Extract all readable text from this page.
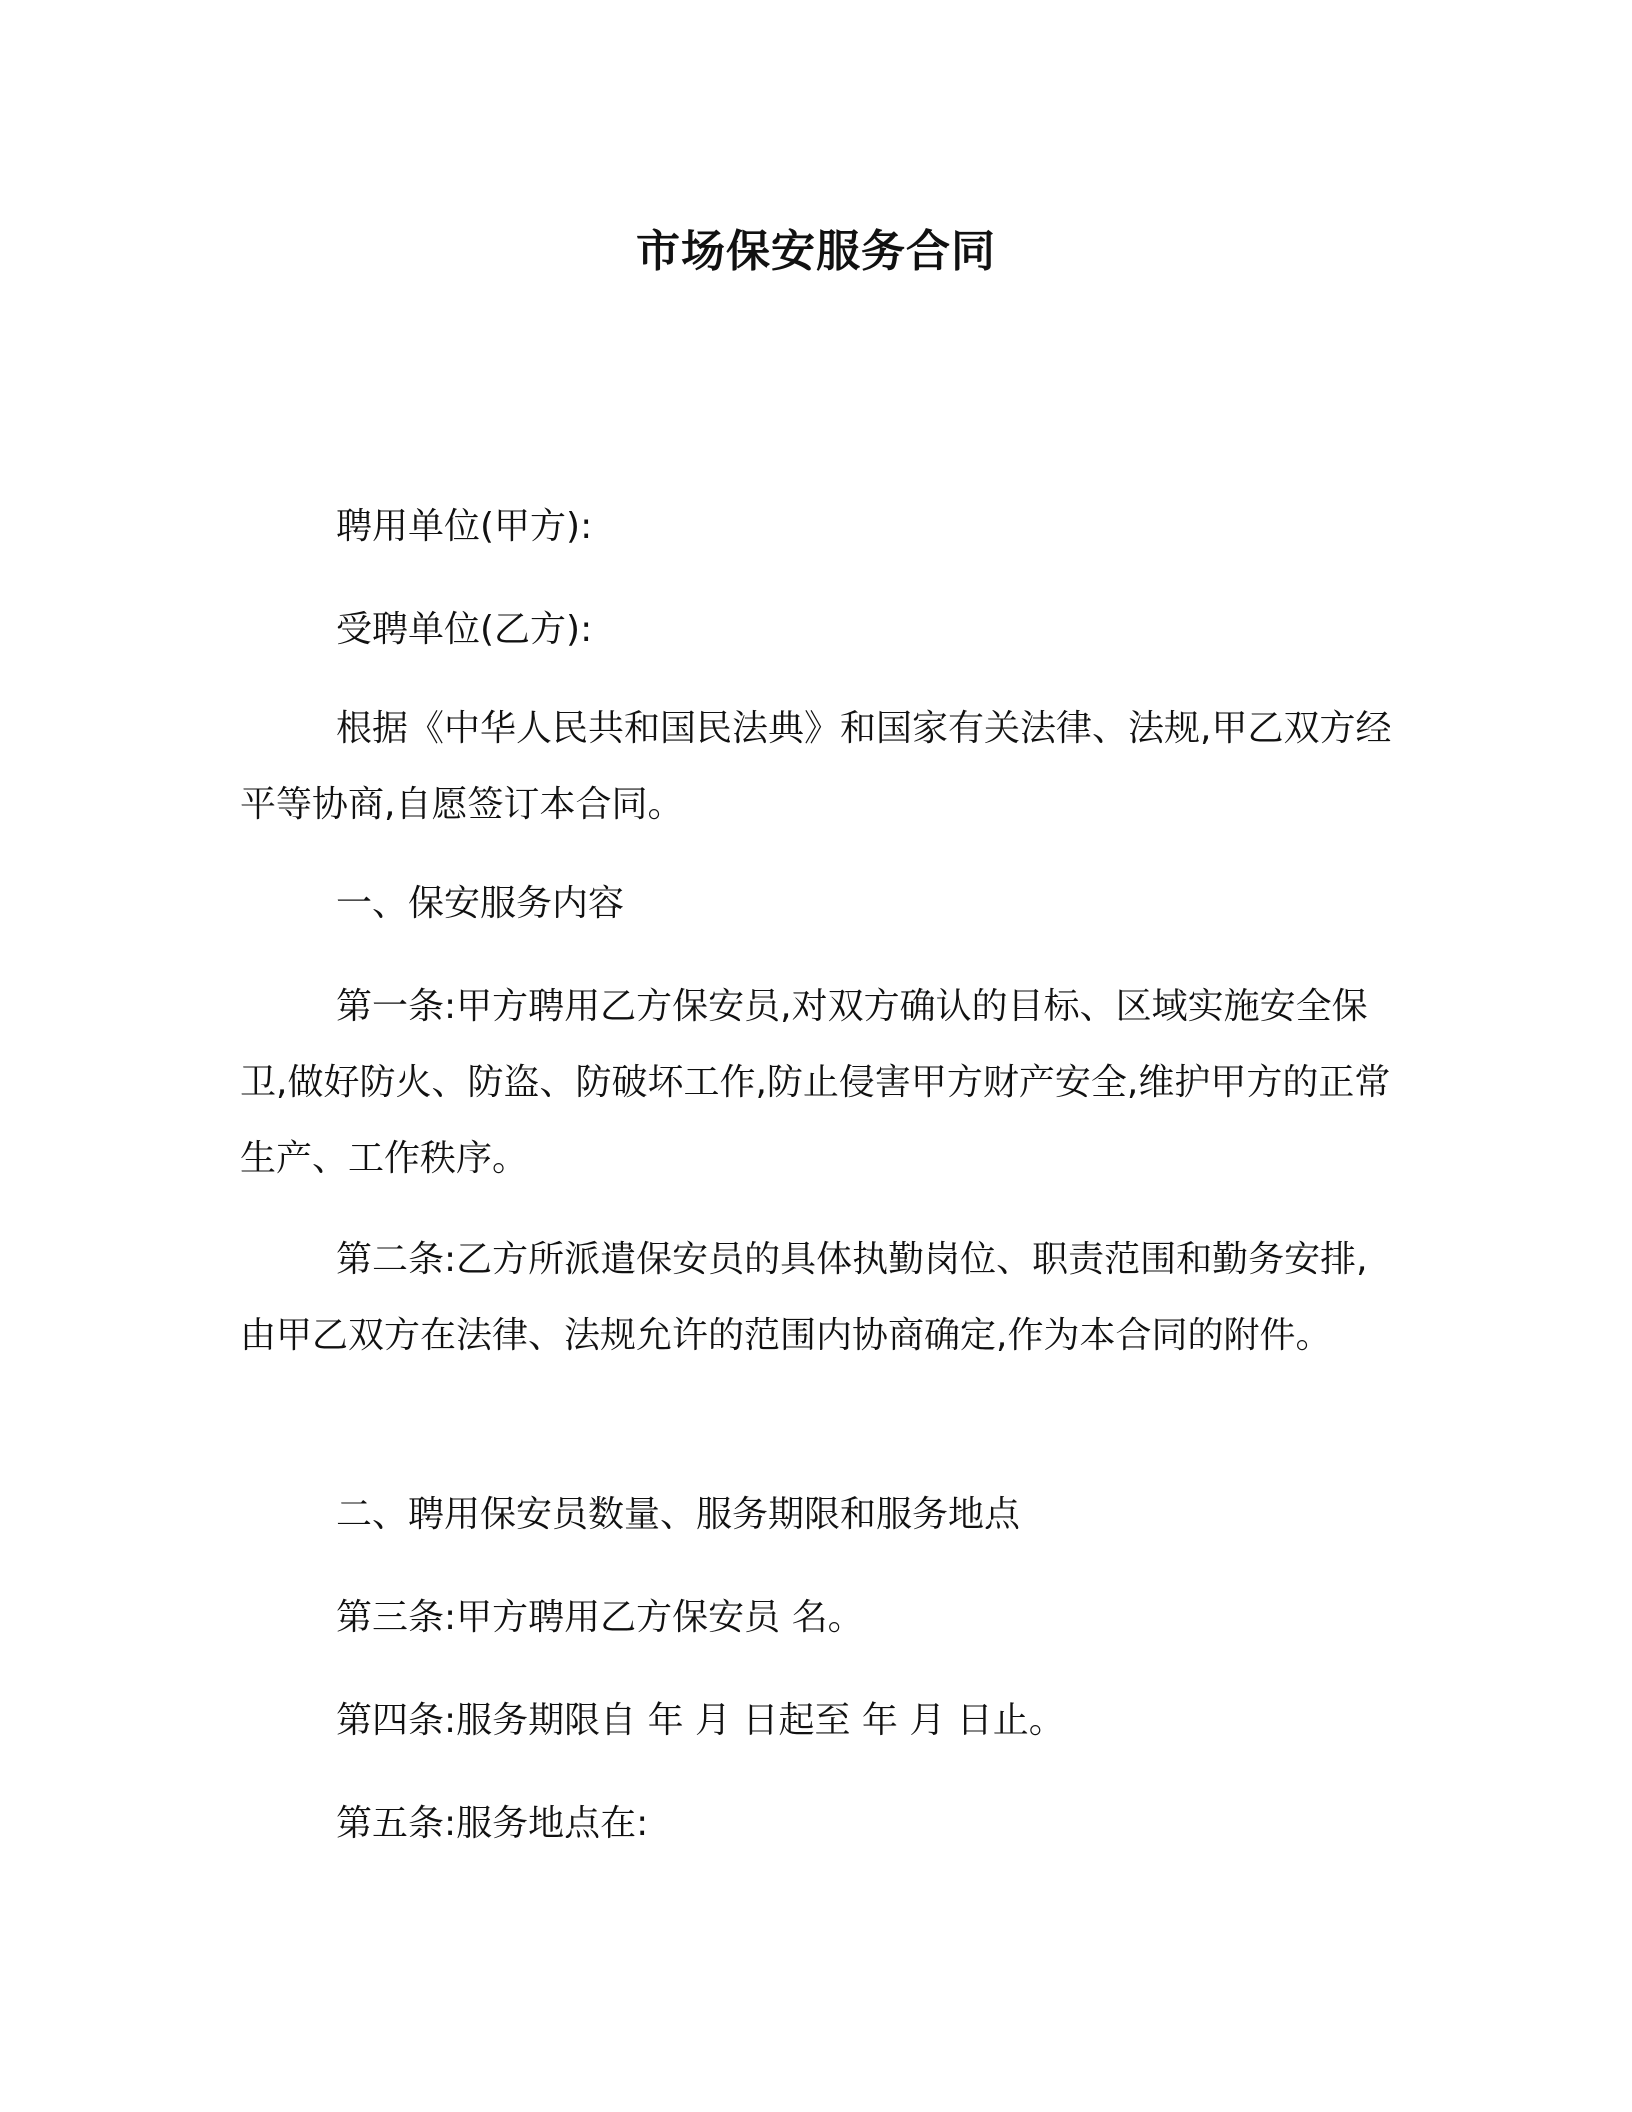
市场保安服务合同

聘用单位(甲方):

受聘单位(乙方):

根据《中华人民共和国民法典》和国家有关法律、法规,甲乙双方经平等协商,自愿签订本合同。

一、保安服务内容

第一条:甲方聘用乙方保安员,对双方确认的目标、区域实施安全保卫,做好防火、防盗、防破坏工作,防止侵害甲方财产安全,维护甲方的正常生产、工作秩序。

第二条:乙方所派遣保安员的具体执勤岗位、职责范围和勤务安排,由甲乙双方在法律、法规允许的范围内协商确定,作为本合同的附件。

二、聘用保安员数量、服务期限和服务地点

第三条:甲方聘用乙方保安员 名。

第四条:服务期限自 年 月 日起至 年 月 日止。

第五条:服务地点在:
